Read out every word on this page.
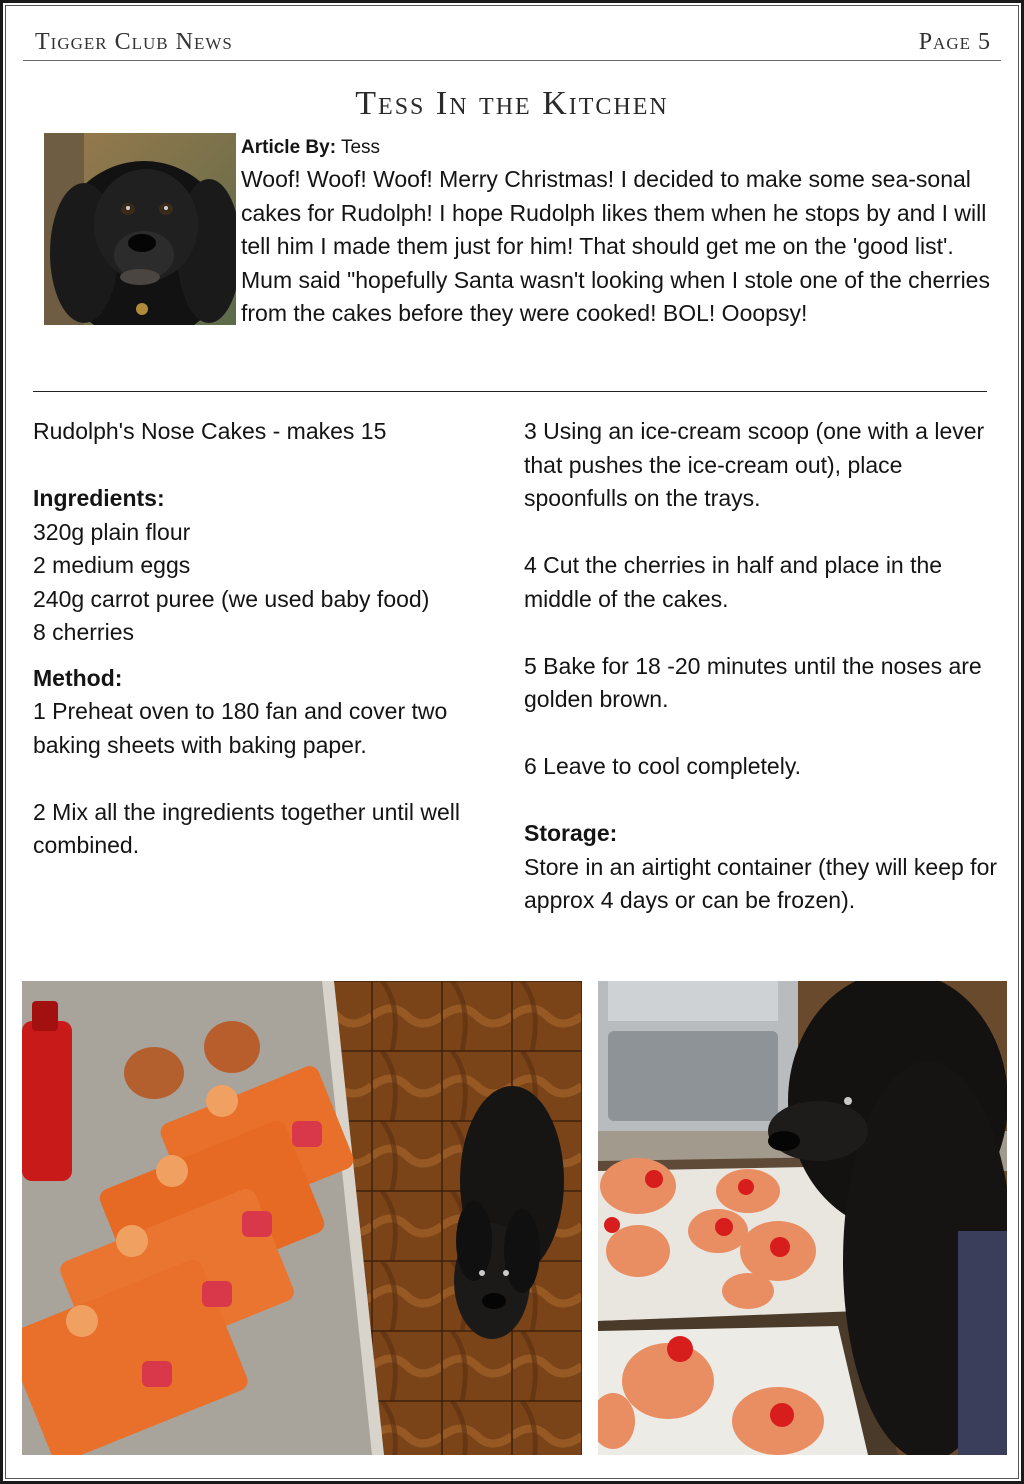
Tigger Club News	Page 5
Tess In the Kitchen
Article By: Tess
Woof! Woof! Woof! Merry Christmas! I decided to make some sea-sonal cakes for Rudolph! I hope Rudolph likes them when he stops by and I will tell him I made them just for him! That should get me on the 'good list'. Mum said "hopefully Santa wasn't looking when I stole one of the cherries from the cakes before they were cooked! BOL! Ooopsy!

Rudolph's Nose Cakes - makes 15

Ingredients:

320g plain flour

2 medium eggs

240g carrot puree (we used baby food)

8 cherries

Method:

1 Preheat oven to 180 fan and cover two baking sheets with baking paper.

2 Mix all the ingredients together until well combined.

3 Using an ice-cream scoop (one with a lever that pushes the ice-cream out), place spoonfulls on the trays.

4 Cut the cherries in half and place in the middle of the cakes.

5 Bake for 18 -20 minutes until the noses are golden brown.

6 Leave to cool completely.

Storage:

Store in an airtight container (they will keep for approx 4 days or can be frozen).
